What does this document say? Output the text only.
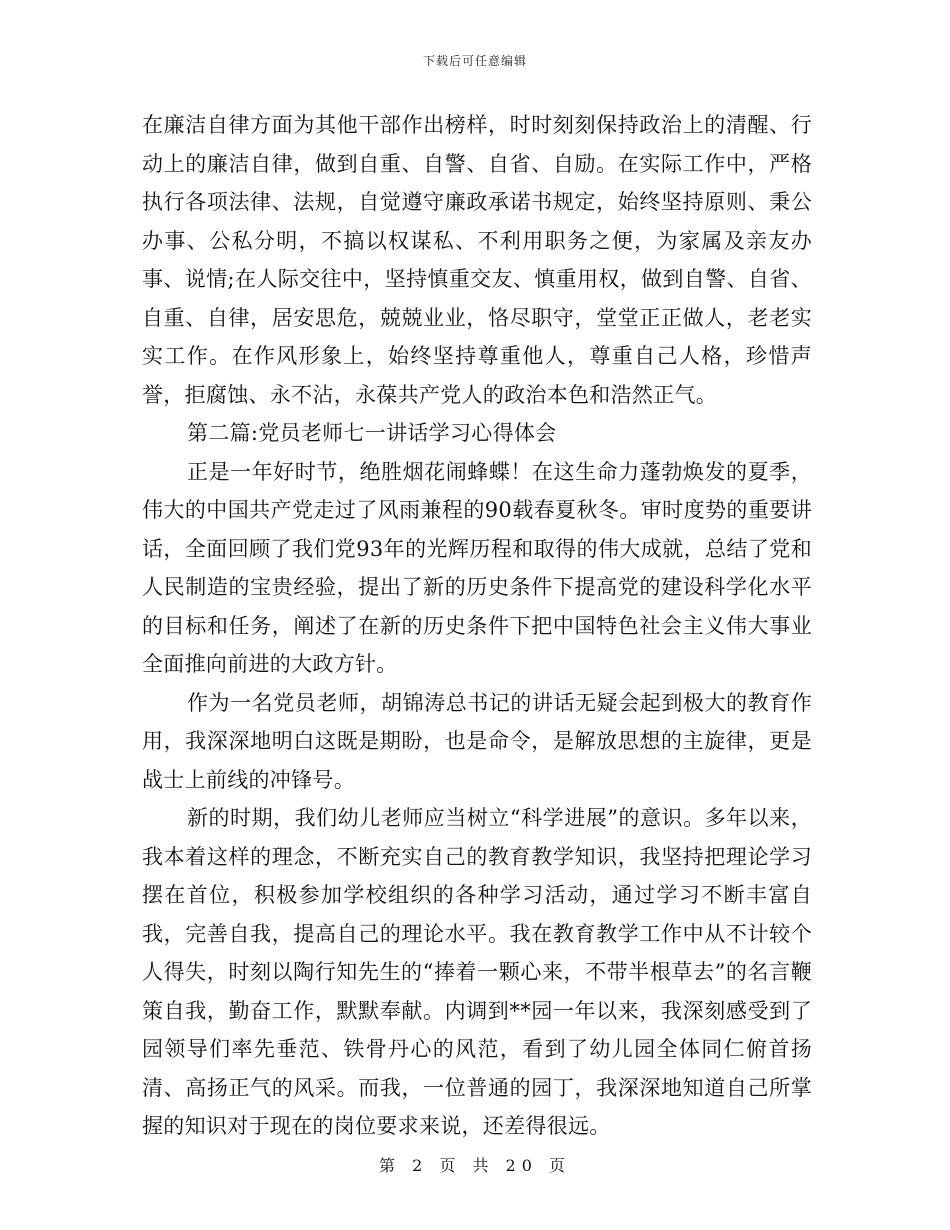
下载后可任意编辑

在廉洁自律方面为其他干部作出榜样，时时刻刻保持政治上的清醒、行动上的廉洁自律，做到自重、自警、自省、自励。在实际工作中，严格执行各项法律、法规，自觉遵守廉政承诺书规定，始终坚持原则、秉公办事、公私分明，不搞以权谋私、不利用职务之便，为家属及亲友办事、说情;在人际交往中，坚持慎重交友、慎重用权，做到自警、自省、自重、自律，居安思危，兢兢业业，恪尽职守，堂堂正正做人，老老实实工作。在作风形象上，始终坚持尊重他人，尊重自己人格，珍惜声誉，拒腐蚀、永不沾，永葆共产党人的政治本色和浩然正气。

第二篇:党员老师七一讲话学习心得体会

正是一年好时节，绝胜烟花闹蜂蝶！在这生命力蓬勃焕发的夏季，伟大的中国共产党走过了风雨兼程的90载春夏秋冬。审时度势的重要讲话，全面回顾了我们党93年的光辉历程和取得的伟大成就，总结了党和人民制造的宝贵经验，提出了新的历史条件下提高党的建设科学化水平的目标和任务，阐述了在新的历史条件下把中国特色社会主义伟大事业全面推向前进的大政方针。

作为一名党员老师，胡锦涛总书记的讲话无疑会起到极大的教育作用，我深深地明白这既是期盼，也是命令，是解放思想的主旋律，更是战士上前线的冲锋号。

新的时期，我们幼儿老师应当树立“科学进展”的意识。多年以来，我本着这样的理念，不断充实自己的教育教学知识，我坚持把理论学习摆在首位，积极参加学校组织的各种学习活动，通过学习不断丰富自我，完善自我，提高自己的理论水平。我在教育教学工作中从不计较个人得失，时刻以陶行知先生的“捧着一颗心来，不带半根草去”的名言鞭策自我，勤奋工作，默默奉献。内调到**园一年以来，我深刻感受到了园领导们率先垂范、铁骨丹心的风范，看到了幼儿园全体同仁俯首扬清、高扬正气的风采。而我，一位普通的园丁，我深深地知道自己所掌握的知识对于现在的岗位要求来说，还差得很远。

第 2 页 共 20 页
